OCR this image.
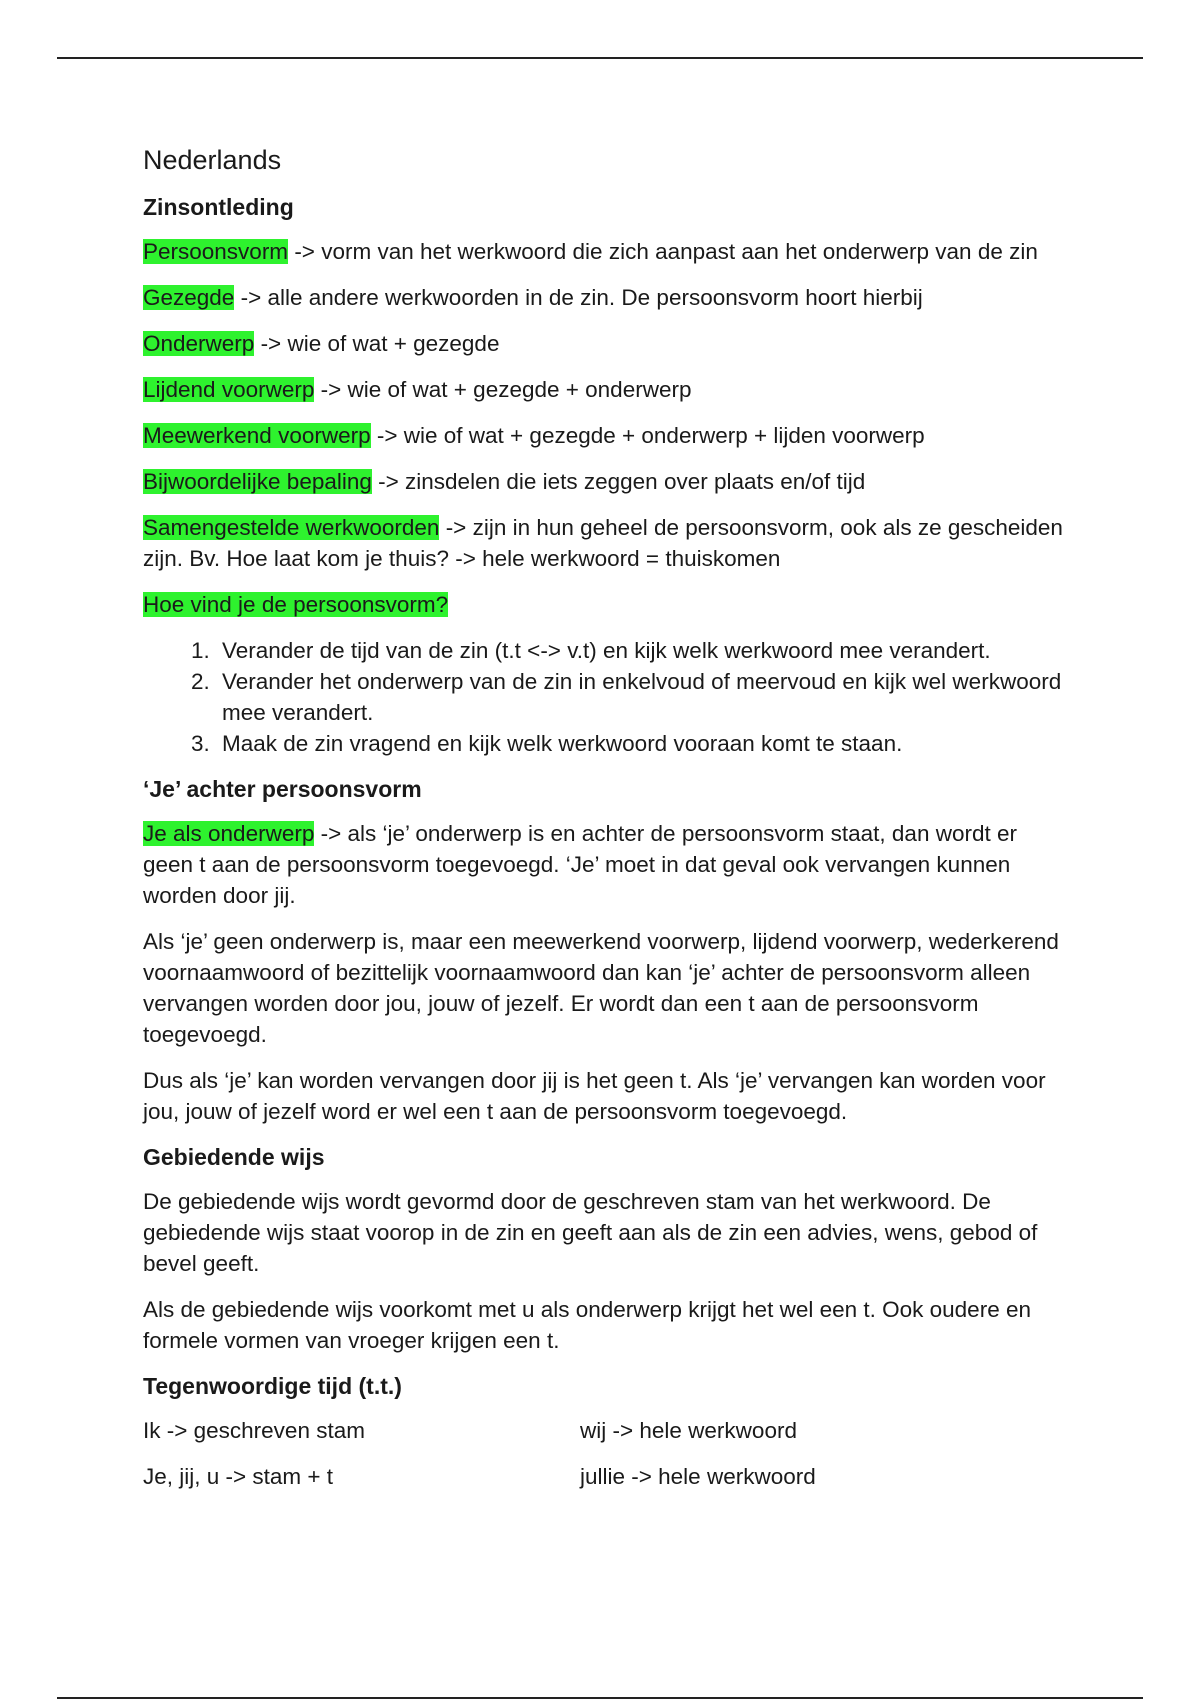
Nederlands
Zinsontleding

Persoonsvorm -> vorm van het werkwoord die zich aanpast aan het onderwerp van de zin

Gezegde -> alle andere werkwoorden in de zin. De persoonsvorm hoort hierbij

Onderwerp -> wie of wat + gezegde

Lijdend voorwerp -> wie of wat + gezegde + onderwerp

Meewerkend voorwerp -> wie of wat + gezegde + onderwerp + lijden voorwerp

Bijwoordelijke bepaling -> zinsdelen die iets zeggen over plaats en/of tijd

Samengestelde werkwoorden -> zijn in hun geheel de persoonsvorm, ook als ze gescheiden zijn. Bv. Hoe laat kom je thuis? -> hele werkwoord = thuiskomen

Hoe vind je de persoonsvorm?

1. Verander de tijd van de zin (t.t <-> v.t) en kijk welk werkwoord mee verandert.
2. Verander het onderwerp van de zin in enkelvoud of meervoud en kijk wel werkwoord mee verandert.
3. Maak de zin vragend en kijk welk werkwoord vooraan komt te staan.
‘Je’ achter persoonsvorm

Je als onderwerp -> als ‘je’ onderwerp is en achter de persoonsvorm staat, dan wordt er geen t aan de persoonsvorm toegevoegd. ‘Je’ moet in dat geval ook vervangen kunnen worden door jij.

Als ‘je’ geen onderwerp is, maar een meewerkend voorwerp, lijdend voorwerp, wederkerend voornaamwoord of bezittelijk voornaamwoord dan kan ‘je’ achter de persoonsvorm alleen vervangen worden door jou, jouw of jezelf. Er wordt dan een t aan de persoonsvorm toegevoegd.

Dus als ‘je’ kan worden vervangen door jij is het geen t. Als ‘je’ vervangen kan worden voor jou, jouw of jezelf word er wel een t aan de persoonsvorm toegevoegd.

Gebiedende wijs

De gebiedende wijs wordt gevormd door de geschreven stam van het werkwoord. De gebiedende wijs staat voorop in de zin en geeft aan als de zin een advies, wens, gebod of bevel geeft.

Als de gebiedende wijs voorkomt met u als onderwerp krijgt het wel een t. Ook oudere en formele vormen van vroeger krijgen een t.

Tegenwoordige tijd (t.t.)
Ik -> geschreven stam	wij -> hele werkwoord
Je, jij, u -> stam + t	jullie -> hele werkwoord
